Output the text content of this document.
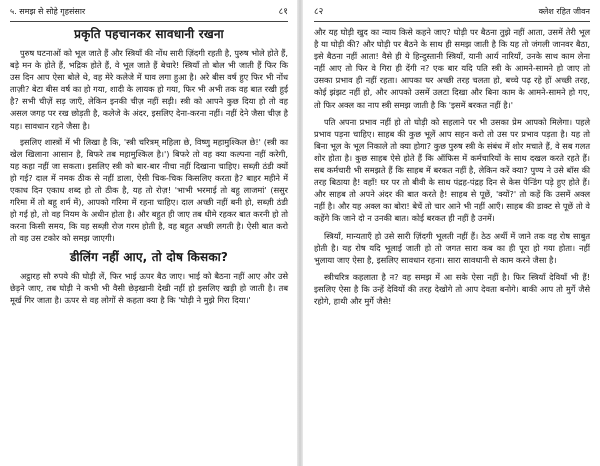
५. समझ से सोहे गृहसंसार	८१
प्रकृति पहचानकर सावधानी रखना

पुरुष घटनाओं को भूल जाते हैं और स्त्रियाँ की नोंध सारी ज़िंदगी रहती है, पुरुष भोले होते हैं, बड़े मन के होते हैं, भद्रिक होते हैं, वे भूल जाते हैं बेचारे! स्त्रियाँ तो बोल भी जाती हैं फिर कि उस दिन आप ऐसा बोले थे, वह मेरे कलेजे में घाव लगा हुआ है। अरे बीस वर्ष हुए फिर भी नोंध ताज़ी? बेटा बीस वर्ष का हो गया, शादी के लायक हो गया, फिर भी अभी तक वह बात रखी हुई है? सभी चीज़ें सड़ जाएँ, लेकिन इनकी चीज़ नहीं सड़ी। स्त्री को आपने कुछ दिया हो तो वह असल जगह पर रख छोड़ती है, कलेजे के अंदर, इसलिए देना-करना नहीं। नहीं देने जैसा चीज़ है यह। सावधान रहने जैसा है।

इसलिए शास्त्रों में भी लिखा है कि, 'स्त्री चरित्रम् महिला छे, विष्णु महामुश्किल छे!' (स्त्री का खेल खिलाना आसान है, बिफरे तब महामुश्किल है।') बिफरे तो वह क्या कल्पना नहीं करेगी, यह कहा नहीं जा सकता। इसलिए स्त्री को बार-बार नीचा नहीं दिखाना चाहिए। सब्ज़ी ठंडी क्यों हो गई? दाल में नमक ठीक से नहीं डाला, ऐसी चिक-चिक किसलिए करता है? बाहर महीने में एकाध दिन एकाध शब्द हो तो ठीक है, यह तो रोज़! 'भाभी भरमाई तो बहु लाजमां' (ससुर गरिमा में तो बहू शर्म में), आपको गरिमा में रहना चाहिए। दाल अच्छी नहीं बनी हो, सब्ज़ी ठंडी हो गई हो, तो वह नियम के अधीन होता है। और बहुत ही जाए तब धीमे रहकर बात करनी हो तो करना किसी समय, कि यह सब्ज़ी रोज गरम होती है, वह बहुत अच्छी लगती है। ऐसी बात करो तो वह उस टकोर को समझ जाएगी।

डीलिंग नहीं आए, तो दोष किसका?

अट्ठारह सौ रुपये की घोड़ी लें, फिर भाई ऊपर बैठ जाए। भाई को बैठना नहीं आए और उसे छेड़ने जाए, तब घोड़ी ने कभी भी वैसी छेड़खानी देखी नहीं हो इसलिए खड़ी हो जाती है। तब मूर्ख गिर जाता है। ऊपर से वह लोगों से कहता क्या है कि 'घोड़ी ने मुझे गिरा दिया।'

८२	क्लेश रहित जीवन

और यह घोड़ी खुद का न्याय किसे कहने जाए? घोड़ी पर बैठना तुझे नहीं आता, उसमें तेरी भूल है या घोड़ी की? और घोड़ी पर बैठने के साथ ही समझ जाती है कि यह तो जंगली जानवर बैठा, इसे बैठना नहीं आता! वैसे ही ये हिन्दुस्तानी स्त्रियाँ, यानी आर्य नारियाँ, उनके साथ काम लेना नहीं आए तो फिर वे गिरा ही देंगी न? एक बार यदि पति स्त्री के आमने-सामने हो जाए तो उसका प्रभाव ही नहीं रहता। आपका घर अच्छी तरह चलता हो, बच्चे पढ़ रहे हों अच्छी तरह, कोई झंझट नहीं हो, और आपको उसमें उलटा दिखा और बिना काम के आमने-सामने हो गए, तो फिर अक्ल का नाप स्त्री समझ जाती है कि 'इसमें बरकत नहीं है।'

पति अपना प्रभाव नहीं हो तो घोड़ी को सहलाने पर भी उसका प्रेम आपको मिलेगा। पहले प्रभाव पड़ना चाहिए। साहब की कुछ भूलें आप सहन करो तो उस पर प्रभाव पड़ता है। यह तो बिना भूल के भूल निकाले तो क्या होगा? कुछ पुरुष स्त्री के संबंध में शोर मचाते हैं, वे सब गलत शोर होता है। कुछ साहब ऐसे होते हैं कि ऑफिस में कर्मचारियों के साथ दखल करते रहते हैं। सब कर्मचारी भी समझते हैं कि साहब में बरकत नहीं है, लेकिन करें क्या? पुण्य ने उसे बॉस की तरह बिठाया है! वहाँ! घर पर तो बीवी के साथ पंद्रह-पंद्रह दिन से केस पेन्डिंग पड़े हुए होते हैं। और साहब तो अपने अंदर की बात करते है! साहब से पूछें, 'क्यों?' तो कहें कि उसमें अक्ल नहीं है। और यह अक्ल का बोरा! बेचें तो चार आने भी नहीं आएँ। साहब की डाक्ट से पूछें तो वे कहेंगे कि जाने दो न उनकी बात। कोई बरकत ही नहीं है उनमें।

स्त्रियाँ, मान्यताएँ हो उसे सारी ज़िंदगी भूलती नहीं हैं। ठेठ अर्थी में जाने तक वह रोष साबुत होती है। यह रोष यदि भूलाई जाती हो तो जगत सारा कब का ही पूरा हो गया होता। नहीं भुलाया जाए ऐसा है, इसलिए सावधान रहना। सारा सावधानी से काम करने जैसा है।

स्त्रीचरित्र कहलाता है न? वह समझ में आ सके ऐसा नहीं है। फिर स्त्रियाँ देवियाँ भी हैं! इसलिए ऐसा है कि उन्हें देवियों की तरह देखोगे तो आप देवता बनोगे। बाकी आप तो मुर्गे जैसे रहोगे, हाथी और मुर्गे जैसे!
